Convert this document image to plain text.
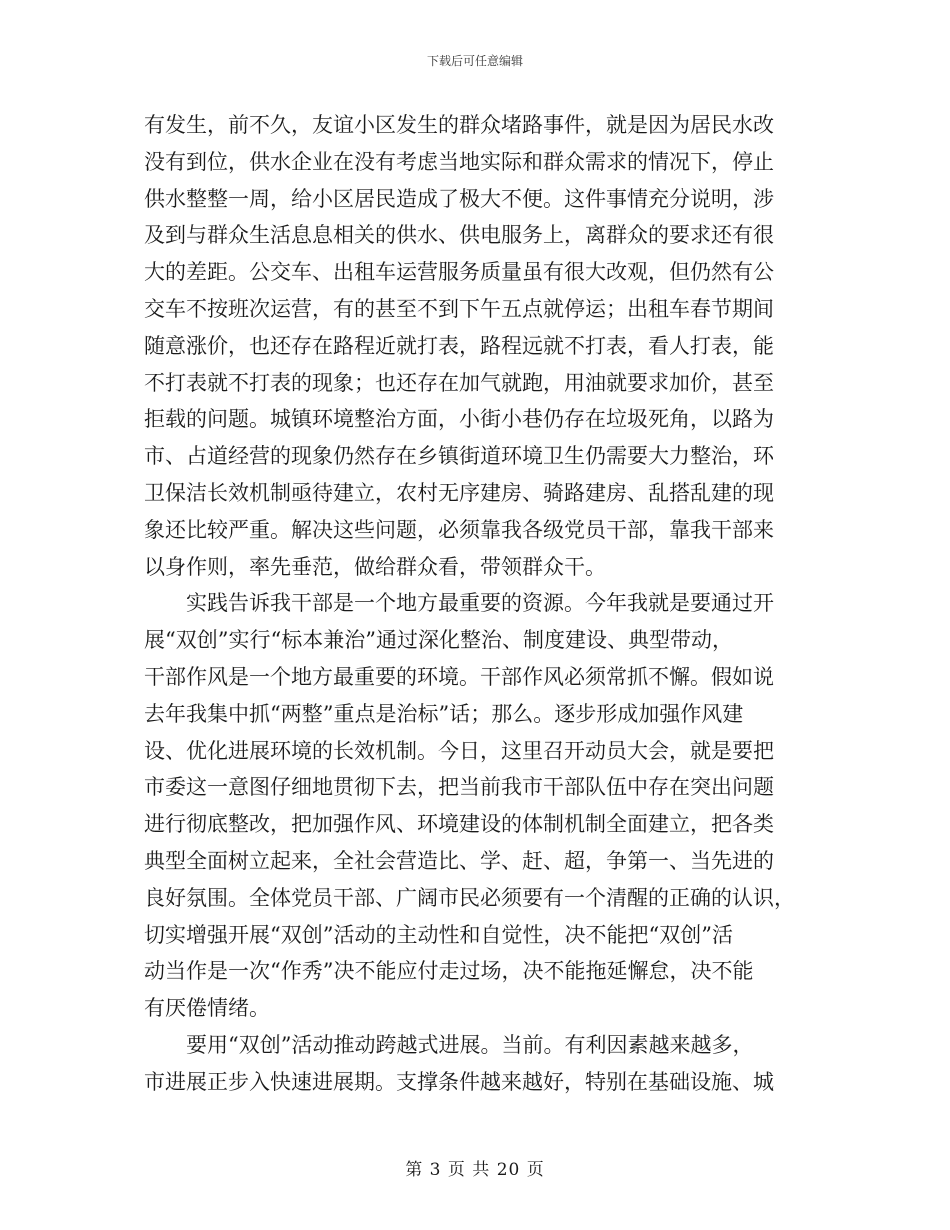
下载后可任意编辑
有发生，前不久，友谊小区发生的群众堵路事件，就是因为居民水改
没有到位，供水企业在没有考虑当地实际和群众需求的情况下，停止
供水整整一周，给小区居民造成了极大不便。这件事情充分说明，涉
及到与群众生活息息相关的供水、供电服务上，离群众的要求还有很
大的差距。公交车、出租车运营服务质量虽有很大改观，但仍然有公
交车不按班次运营，有的甚至不到下午五点就停运；出租车春节期间
随意涨价，也还存在路程近就打表，路程远就不打表，看人打表，能
不打表就不打表的现象；也还存在加气就跑，用油就要求加价，甚至
拒载的问题。城镇环境整治方面，小街小巷仍存在垃圾死角，以路为
市、占道经营的现象仍然存在乡镇街道环境卫生仍需要大力整治，环
卫保洁长效机制亟待建立，农村无序建房、骑路建房、乱搭乱建的现
象还比较严重。解决这些问题，必须靠我各级党员干部，靠我干部来
以身作则，率先垂范，做给群众看，带领群众干。
　　实践告诉我干部是一个地方最重要的资源。今年我就是要通过开
展“双创”实行“标本兼治”通过深化整治、制度建设、典型带动，
干部作风是一个地方最重要的环境。干部作风必须常抓不懈。假如说
去年我集中抓“两整”重点是治标”话；那么。逐步形成加强作风建
设、优化进展环境的长效机制。今日，这里召开动员大会，就是要把
市委这一意图仔细地贯彻下去，把当前我市干部队伍中存在突出问题
进行彻底整改，把加强作风、环境建设的体制机制全面建立，把各类
典型全面树立起来，全社会营造比、学、赶、超，争第一、当先进的
良好氛围。全体党员干部、广阔市民必须要有一个清醒的正确的认识，
切实增强开展“双创”活动的主动性和自觉性，决不能把“双创”活
动当作是一次“作秀”决不能应付走过场，决不能拖延懈怠，决不能
有厌倦情绪。
　　要用“双创”活动推动跨越式进展。当前。有利因素越来越多，
市进展正步入快速进展期。支撑条件越来越好，特别在基础设施、城
第 3 页 共 20 页
